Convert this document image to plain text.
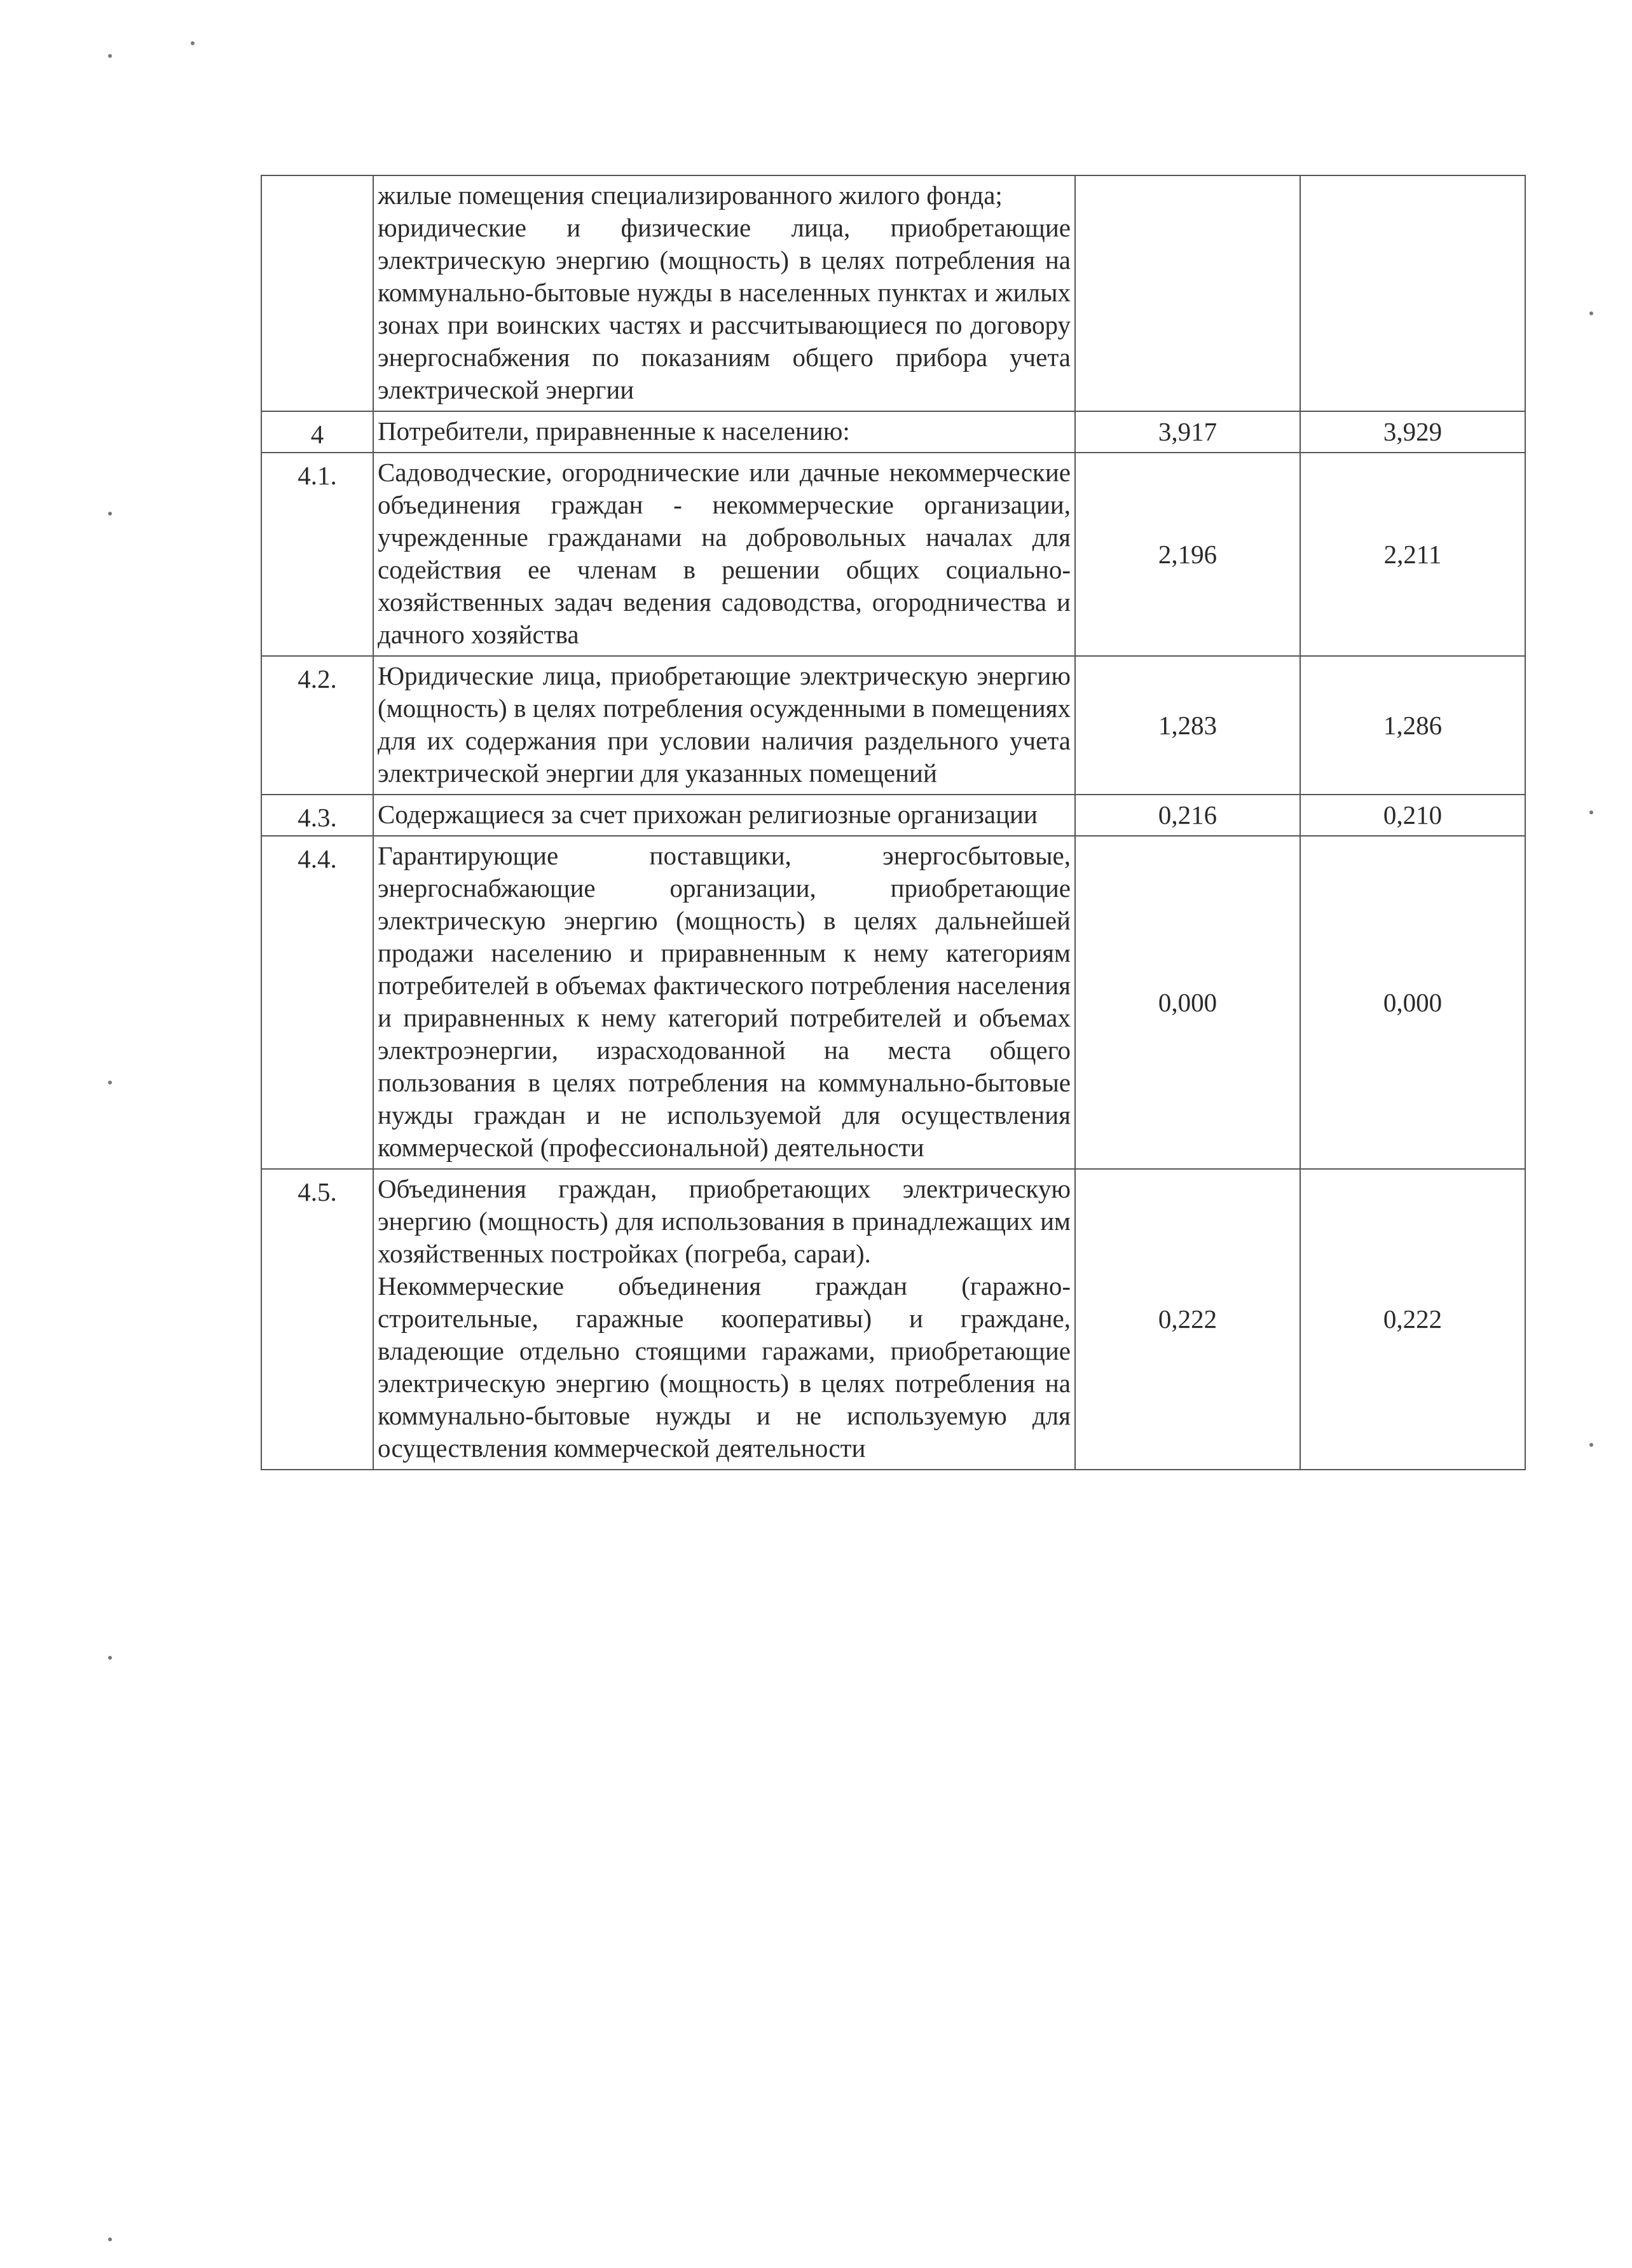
	жилые помещения специализированного жилого фонда;
юридические и физические лица, приобретающие электрическую энергию (мощность) в целях потребления на коммунально-бытовые нужды в населенных пунктах и жилых зонах при воинских частях и рассчитывающиеся по договору энергоснабжения по показаниям общего прибора учета электрической энергии		

4	Потребители, приравненные к населению:	3,917	3,929
4.1.	Садоводческие, огороднические или дачные некоммерческие объединения граждан - некоммерческие организации, учрежденные гражданами на добровольных началах для содействия ее членам в решении общих социально-хозяйственных задач ведения садоводства, огородничества и дачного хозяйства	2,196	2,211
4.2.	Юридические лица, приобретающие электрическую энергию (мощность) в целях потребления осужденными в помещениях для их содержания при условии наличия раздельного учета электрической энергии для указанных помещений	1,283	1,286
4.3.	Содержащиеся за счет прихожан религиозные организации	0,216	0,210
4.4.	Гарантирующие поставщики, энергосбытовые, энергоснабжающие организации, приобретающие электрическую энергию (мощность) в целях дальнейшей продажи населению и приравненным к нему категориям потребителей в объемах фактического потребления населения и приравненных к нему категорий потребителей и объемах электроэнергии, израсходованной на места общего пользования в целях потребления на коммунально-бытовые нужды граждан и не используемой для осуществления коммерческой (профессиональной) деятельности	0,000	0,000
4.5.	Объединения граждан, приобретающих электрическую энергию (мощность) для использования в принадлежащих им хозяйственных постройках (погреба, сараи).
Некоммерческие объединения граждан (гаражно-строительные, гаражные кооперативы) и граждане, владеющие отдельно стоящими гаражами, приобретающие электрическую энергию (мощность) в целях потребления на коммунально-бытовые нужды и не используемую для осуществления коммерческой деятельности	0,222	0,222
